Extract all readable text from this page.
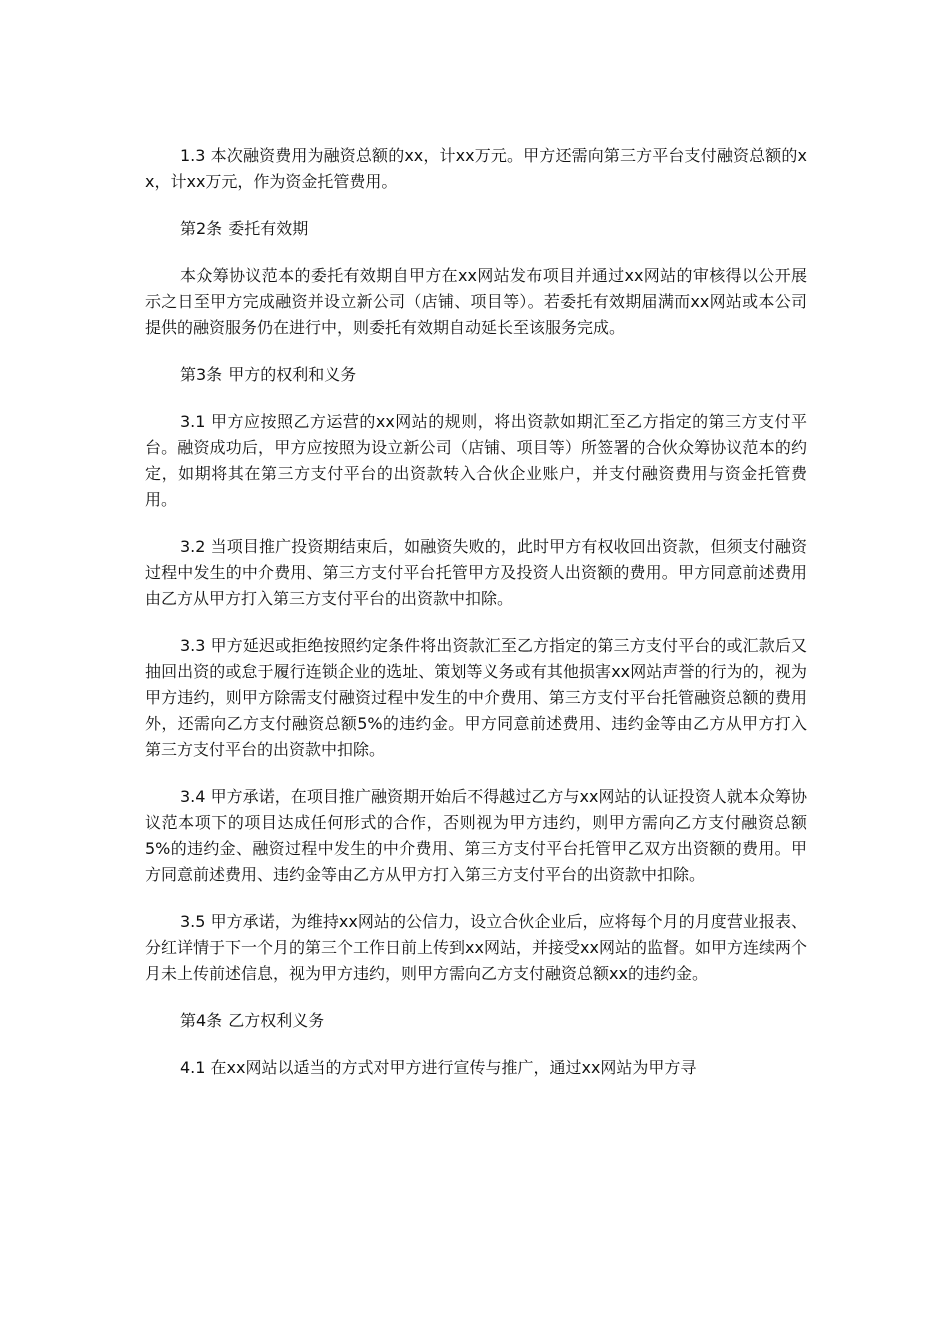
1.3 本次融资费用为融资总额的xx，计xx万元。甲方还需向第三方平台支付融资总额的xx，计xx万元，作为资金托管费用。

第2条 委托有效期

本众筹协议范本的委托有效期自甲方在xx网站发布项目并通过xx网站的审核得以公开展示之日至甲方完成融资并设立新公司（店铺、项目等）。若委托有效期届满而xx网站或本公司提供的融资服务仍在进行中，则委托有效期自动延长至该服务完成。

第3条 甲方的权利和义务

3.1 甲方应按照乙方运营的xx网站的规则，将出资款如期汇至乙方指定的第三方支付平台。融资成功后，甲方应按照为设立新公司（店铺、项目等）所签署的合伙众筹协议范本的约定，如期将其在第三方支付平台的出资款转入合伙企业账户，并支付融资费用与资金托管费用。

3.2 当项目推广投资期结束后，如融资失败的，此时甲方有权收回出资款，但须支付融资过程中发生的中介费用、第三方支付平台托管甲方及投资人出资额的费用。甲方同意前述费用由乙方从甲方打入第三方支付平台的出资款中扣除。

3.3 甲方延迟或拒绝按照约定条件将出资款汇至乙方指定的第三方支付平台的或汇款后又抽回出资的或怠于履行连锁企业的选址、策划等义务或有其他损害xx网站声誉的行为的，视为甲方违约，则甲方除需支付融资过程中发生的中介费用、第三方支付平台托管融资总额的费用外，还需向乙方支付融资总额5%的违约金。甲方同意前述费用、违约金等由乙方从甲方打入第三方支付平台的出资款中扣除。

3.4 甲方承诺，在项目推广融资期开始后不得越过乙方与xx网站的认证投资人就本众筹协议范本项下的项目达成任何形式的合作，否则视为甲方违约，则甲方需向乙方支付融资总额5%的违约金、融资过程中发生的中介费用、第三方支付平台托管甲乙双方出资额的费用。甲方同意前述费用、违约金等由乙方从甲方打入第三方支付平台的出资款中扣除。

3.5 甲方承诺，为维持xx网站的公信力，设立合伙企业后，应将每个月的月度营业报表、分红详情于下一个月的第三个工作日前上传到xx网站，并接受xx网站的监督。如甲方连续两个月未上传前述信息，视为甲方违约，则甲方需向乙方支付融资总额xx的违约金。

第4条 乙方权利义务

4.1 在xx网站以适当的方式对甲方进行宣传与推广，通过xx网站为甲方寻
